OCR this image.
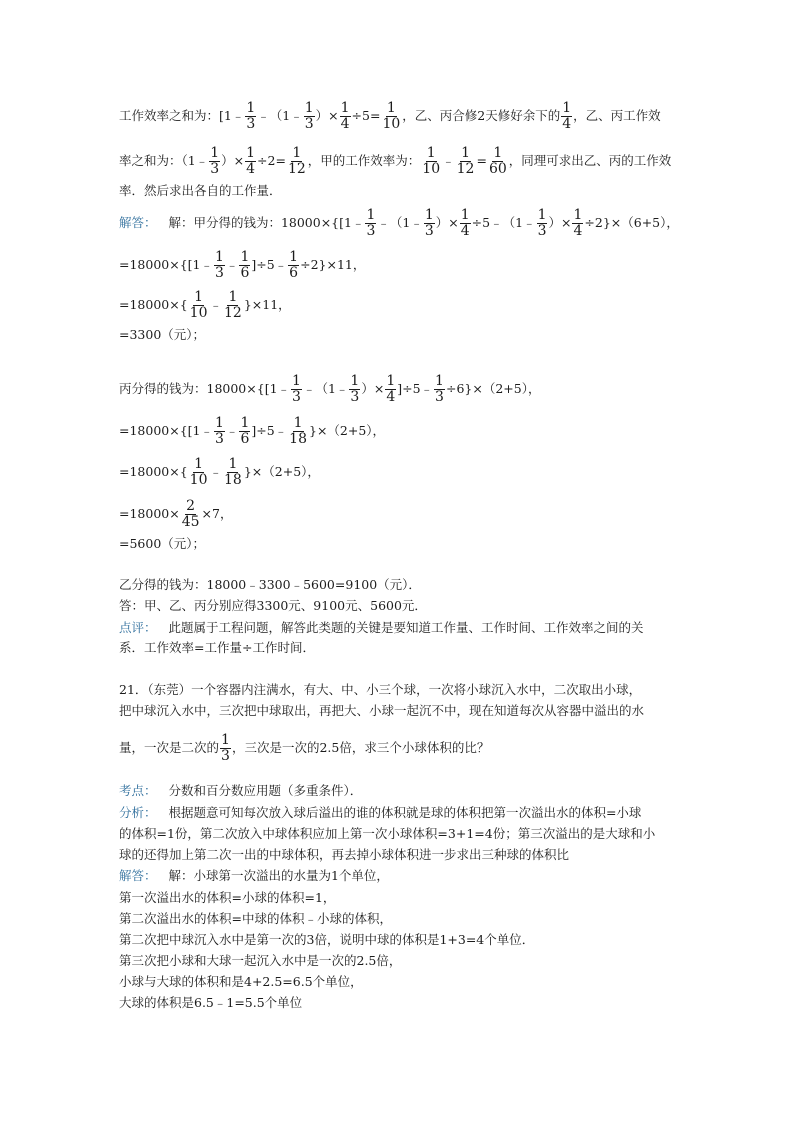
工作效率之和为：[1﹣ $\frac{1}{3}$ ﹣（1﹣ $\frac{1}{3}$ ）× $\frac{1}{4} \div 5= \frac{1}{10}$ ，乙、丙合修2天修好余下的 $\frac{1}{4}$ ，乙、丙工作效
率之和为：（1﹣ $\frac{1}{3}$ ）× $\frac{1}{4} \div 2= \frac{1}{12}$ ，甲的工作效率为： $\frac{1}{10}$ ﹣ $\frac{1}{12} = \frac{1}{60}$ ，同理可求出乙、丙的工作效
率．然后求出各自的工作量．
解答： 解：甲分得的钱为：18000×{[1﹣ $\frac{1}{3}$ ﹣（1﹣ $\frac{1}{3}$ ）× $\frac{1}{4}$ ÷5﹣（1﹣ $\frac{1}{3}$ ）× $\frac{1}{4} \div 2\}\times(6+5)$，
=18000×{[1﹣ $\frac{1}{3}$ ﹣ $\frac{1}{6}$ ]÷5﹣ $\frac{1}{6} \div 2\}\times 11$，
$=18000\times\{ \frac{1}{10}$ ﹣ $\frac{1}{12} \}\times 11$，
=3300（元）；
丙分得的钱为：18000×{[1﹣ $\frac{1}{3}$ ﹣（1﹣ $\frac{1}{3}$ ）× $\frac{1}{4}$ ]÷5﹣ $\frac{1}{3} \div 6\}\times(2+5)$，
=18000×{[1﹣ $\frac{1}{3}$ ﹣ $\frac{1}{6}$ ]÷5﹣ $\frac{1}{18} \}\times(2+5)$，
$=18000\times\{ \frac{1}{10}$ ﹣ $\frac{1}{18} \}\times(2+5)$，
$=18000\times \frac{2}{45} \times 7$，
=5600（元）；
乙分得的钱为：18000﹣3300﹣5600=9100（元）．
答：甲、乙、丙分别应得3300元、9100元、5600元．
点评： 此题属于工程问题，解答此类题的关键是要知道工作量、工作时间、工作效率之间的关
系．工作效率=工作量÷工作时间．
21．（东莞）一个容器内注满水，有大、中、小三个球，一次将小球沉入水中，二次取出小球，
把中球沉入水中，三次把中球取出，再把大、小球一起沉不中，现在知道每次从容器中溢出的水
量，一次是二次的 $\frac{1}{3}$ ，三次是一次的2.5倍，求三个小球体积的比？
考点： 分数和百分数应用题（多重条件）．
分析： 根据题意可知每次放入球后溢出的谁的体积就是球的体积把第一次溢出水的体积=小球
的体积=1份，第二次放入中球体积应加上第一次小球体积=3+1=4份；第三次溢出的是大球和小
球的还得加上第二次一出的中球体积，再去掉小球体积进一步求出三种球的体积比
解答： 解：小球第一次溢出的水量为1个单位，
第一次溢出水的体积=小球的体积=1，
第二次溢出水的体积=中球的体积﹣小球的体积，
第二次把中球沉入水中是第一次的3倍，说明中球的体积是1+3=4个单位．
第三次把小球和大球一起沉入水中是一次的2.5倍，
小球与大球的体积和是4+2.5=6.5个单位，
大球的体积是6.5﹣1=5.5个单位
